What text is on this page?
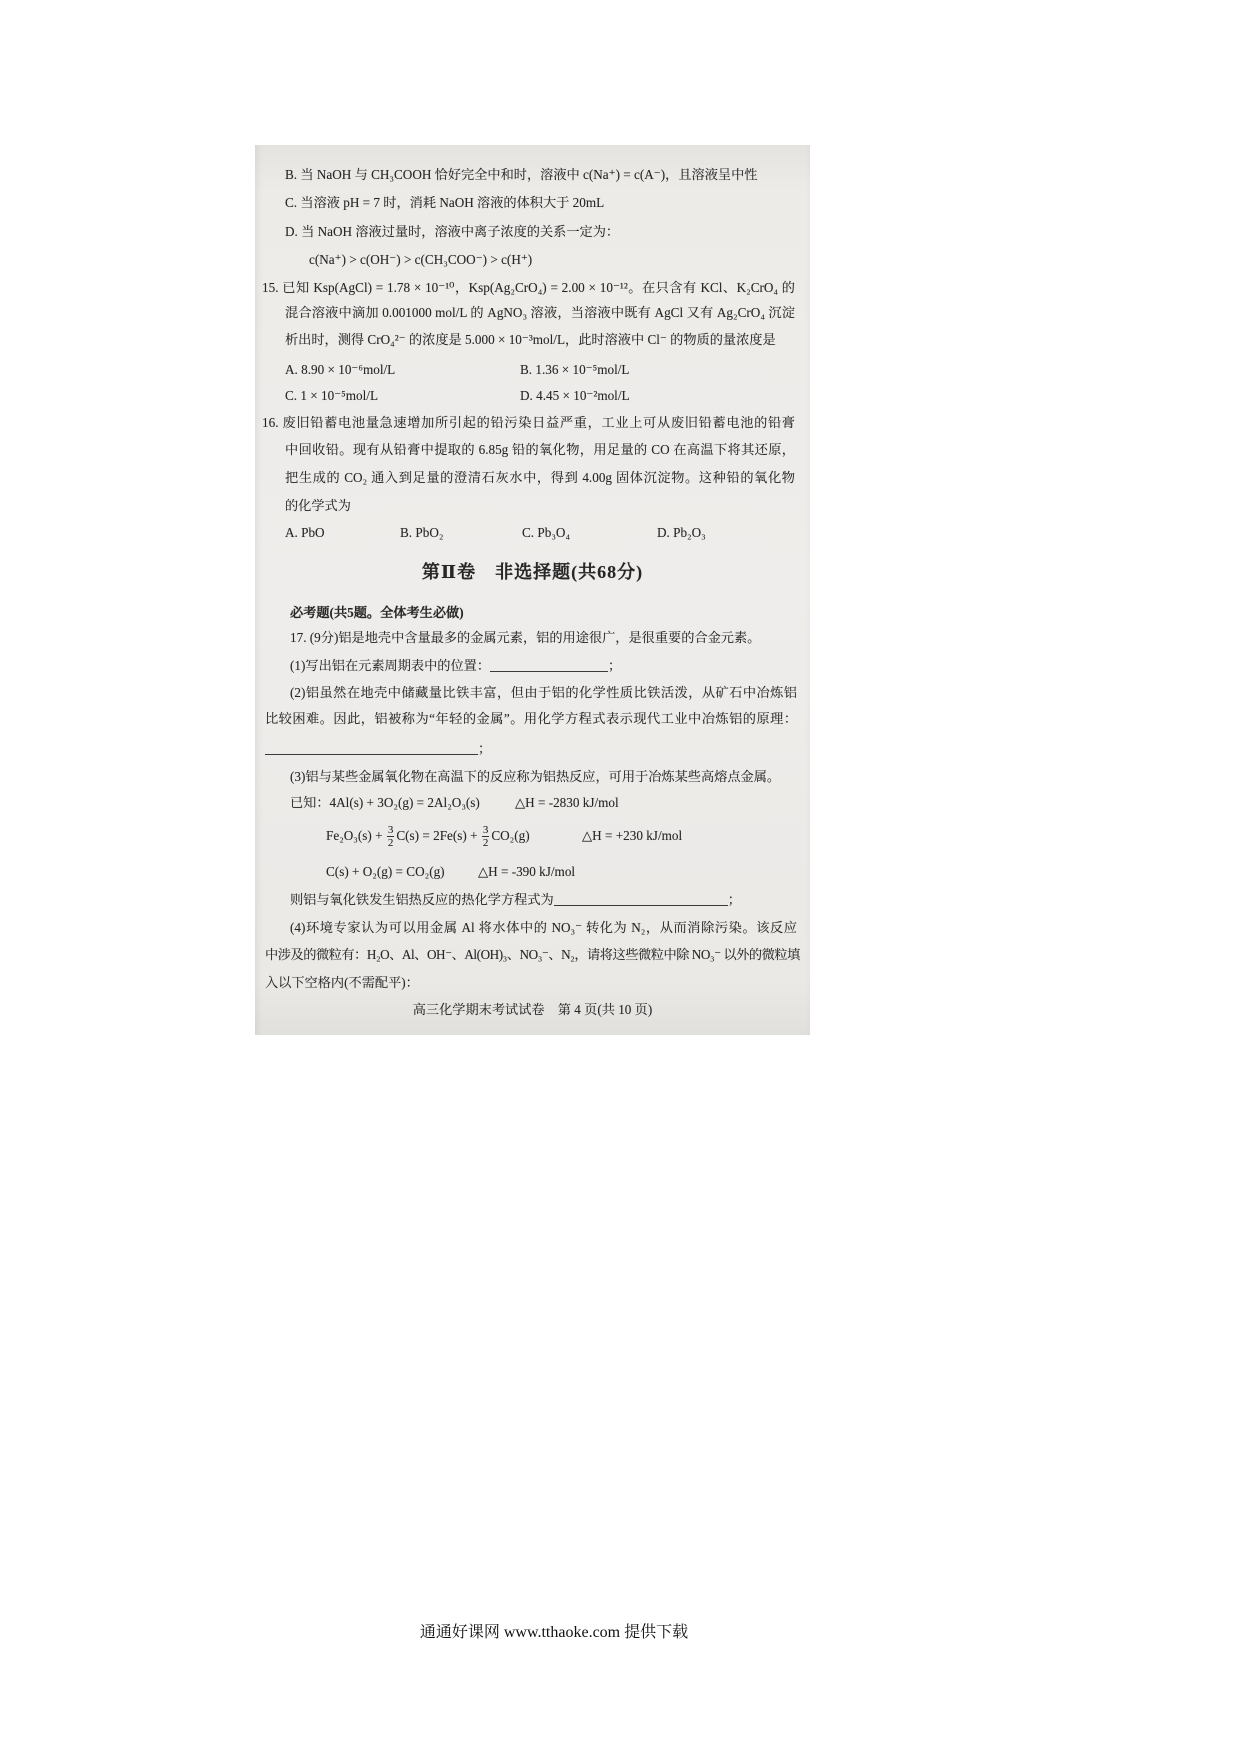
B. 当 NaOH 与 CH₃COOH 恰好完全中和时，溶液中 c(Na⁺) = c(A⁻)，且溶液呈中性
C. 当溶液 pH = 7 时，消耗 NaOH 溶液的体积大于 20mL
D. 当 NaOH 溶液过量时，溶液中离子浓度的关系一定为：
c(Na⁺) > c(OH⁻) > c(CH₃COO⁻) > c(H⁺)
15. 已知 Ksp(AgCl) = 1.78 × 10⁻¹⁰，Ksp(Ag₂CrO₄) = 2.00 × 10⁻¹²。在只含有 KCl、K₂CrO₄ 的
混合溶液中滴加 0.001000 mol/L 的 AgNO₃ 溶液，当溶液中既有 AgCl 又有 Ag₂CrO₄ 沉淀
析出时，测得 CrO₄²⁻ 的浓度是 5.000 × 10⁻³mol/L，此时溶液中 Cl⁻ 的物质的量浓度是
A. 8.90 × 10⁻⁶mol/L	B. 1.36 × 10⁻⁵mol/L
C. 1 × 10⁻⁵mol/L	D. 4.45 × 10⁻²mol/L
16. 废旧铅蓄电池量急速增加所引起的铅污染日益严重，工业上可从废旧铅蓄电池的铅膏
中回收铅。现有从铅膏中提取的 6.85g 铅的氧化物，用足量的 CO 在高温下将其还原，
把生成的 CO₂ 通入到足量的澄清石灰水中，得到 4.00g 固体沉淀物。这种铅的氧化物
的化学式为
A. PbO	B. PbO₂	C. Pb₃O₄	D. Pb₂O₃
第Ⅱ卷　非选择题(共68分)
必考题(共5题。全体考生必做)
17. (9分)铝是地壳中含量最多的金属元素，铝的用途很广，是很重要的合金元素。
(1)写出铝在元素周期表中的位置：	；
(2)铝虽然在地壳中储藏量比铁丰富，但由于铝的化学性质比铁活泼，从矿石中冶炼铝
比较困难。因此，铝被称为“年轻的金属”。用化学方程式表示现代工业中冶炼铝的原理：
；
(3)铝与某些金属氧化物在高温下的反应称为铝热反应，可用于冶炼某些高熔点金属。
已知：4Al(s) + 3O₂(g) = 2Al₂O₃(s)	△H = -2830 kJ/mol
$Fe_2O_3(s) + \frac{3}{2} C(s) = 2Fe(s) + \frac{3}{2} CO_2(g)$	△H = +230 kJ/mol
C(s) + O₂(g) = CO₂(g)	△H = -390 kJ/mol
则铝与氧化铁发生铝热反应的热化学方程式为	；
(4)环境专家认为可以用金属 Al 将水体中的 NO₃⁻ 转化为 N₂，从而消除污染。该反应
中涉及的微粒有：H₂O、Al、OH⁻、Al(OH)₃、NO₃⁻、N₂，请将这些微粒中除 NO₃⁻ 以外的微粒填
入以下空格内(不需配平)：
高三化学期末考试试卷　第 4 页(共 10 页)
通通好课网 www.tthaoke.com 提供下载
